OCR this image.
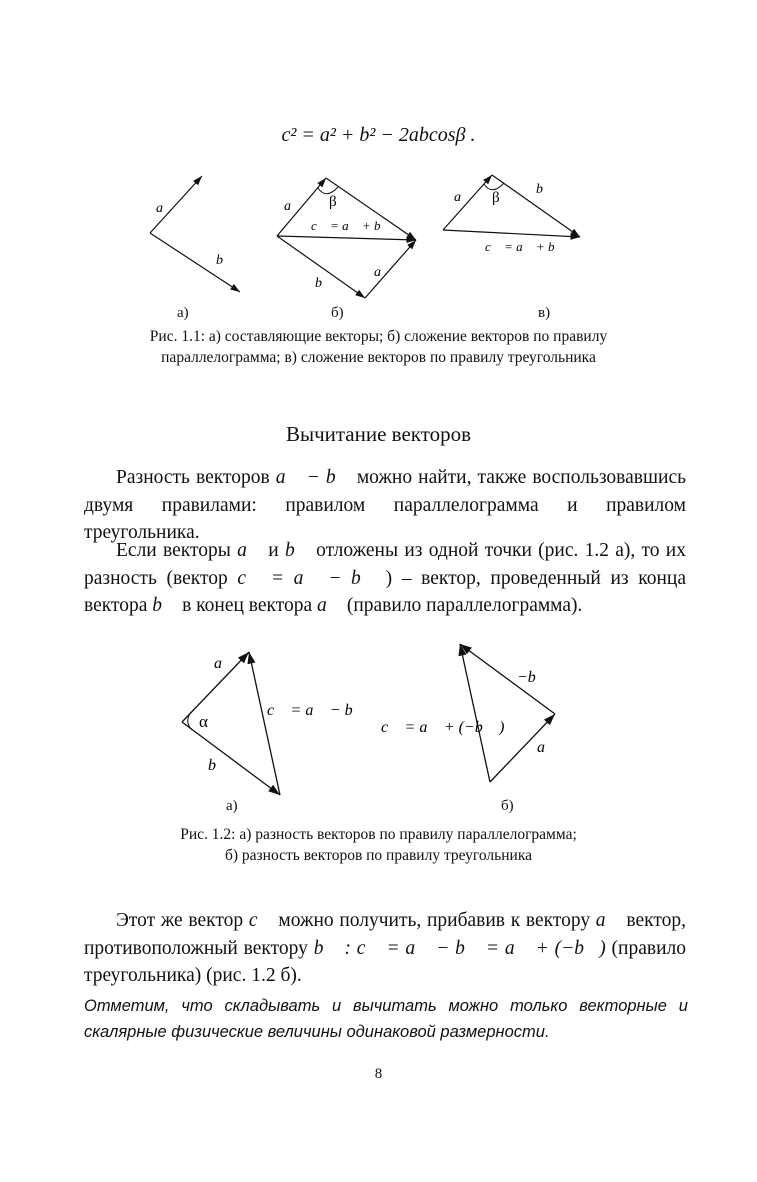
c² = a² + b² − 2abcosβ .
a⃗
b⃗
β
a⃗
c⃗ = a⃗ + b⃗
b⃗
a⃗
β
a⃗
b⃗
c⃗ = a⃗ + b⃗
а)	б)	в)
Рис. 1.1: а) составляющие векторы; б) сложение векторов по правилу
параллелограмма; в) сложение векторов по правилу треугольника
Вычитание векторов

Разность векторов a⃗ − b⃗ можно найти, также воспользовавшись двумя правилами: правилом параллелограмма и правилом треугольника.

Если векторы a⃗ и b⃗ отложены из одной точки (рис. 1.2 а), то их разность (вектор c⃗ = a⃗ − b⃗ ) – вектор, проведенный из конца вектора b⃗ в конец вектора a⃗ (правило параллелограмма).

α
a⃗
b⃗
c⃗ = a⃗ − b⃗
−b⃗
a⃗
c⃗ = a⃗ + (−b⃗ )
а)	б)
Рис. 1.2: а) разность векторов по правилу параллелограмма;
б) разность векторов по правилу треугольника

Этот же вектор c⃗ можно получить, прибавив к вектору a⃗ вектор, противоположный вектору b⃗ : c⃗ = a⃗ − b⃗ = a⃗ + (−b⃗) (правило треугольника) (рис. 1.2 б).

Отметим, что складывать и вычитать можно только векторные и скалярные физические величины одинаковой размерности.

8
